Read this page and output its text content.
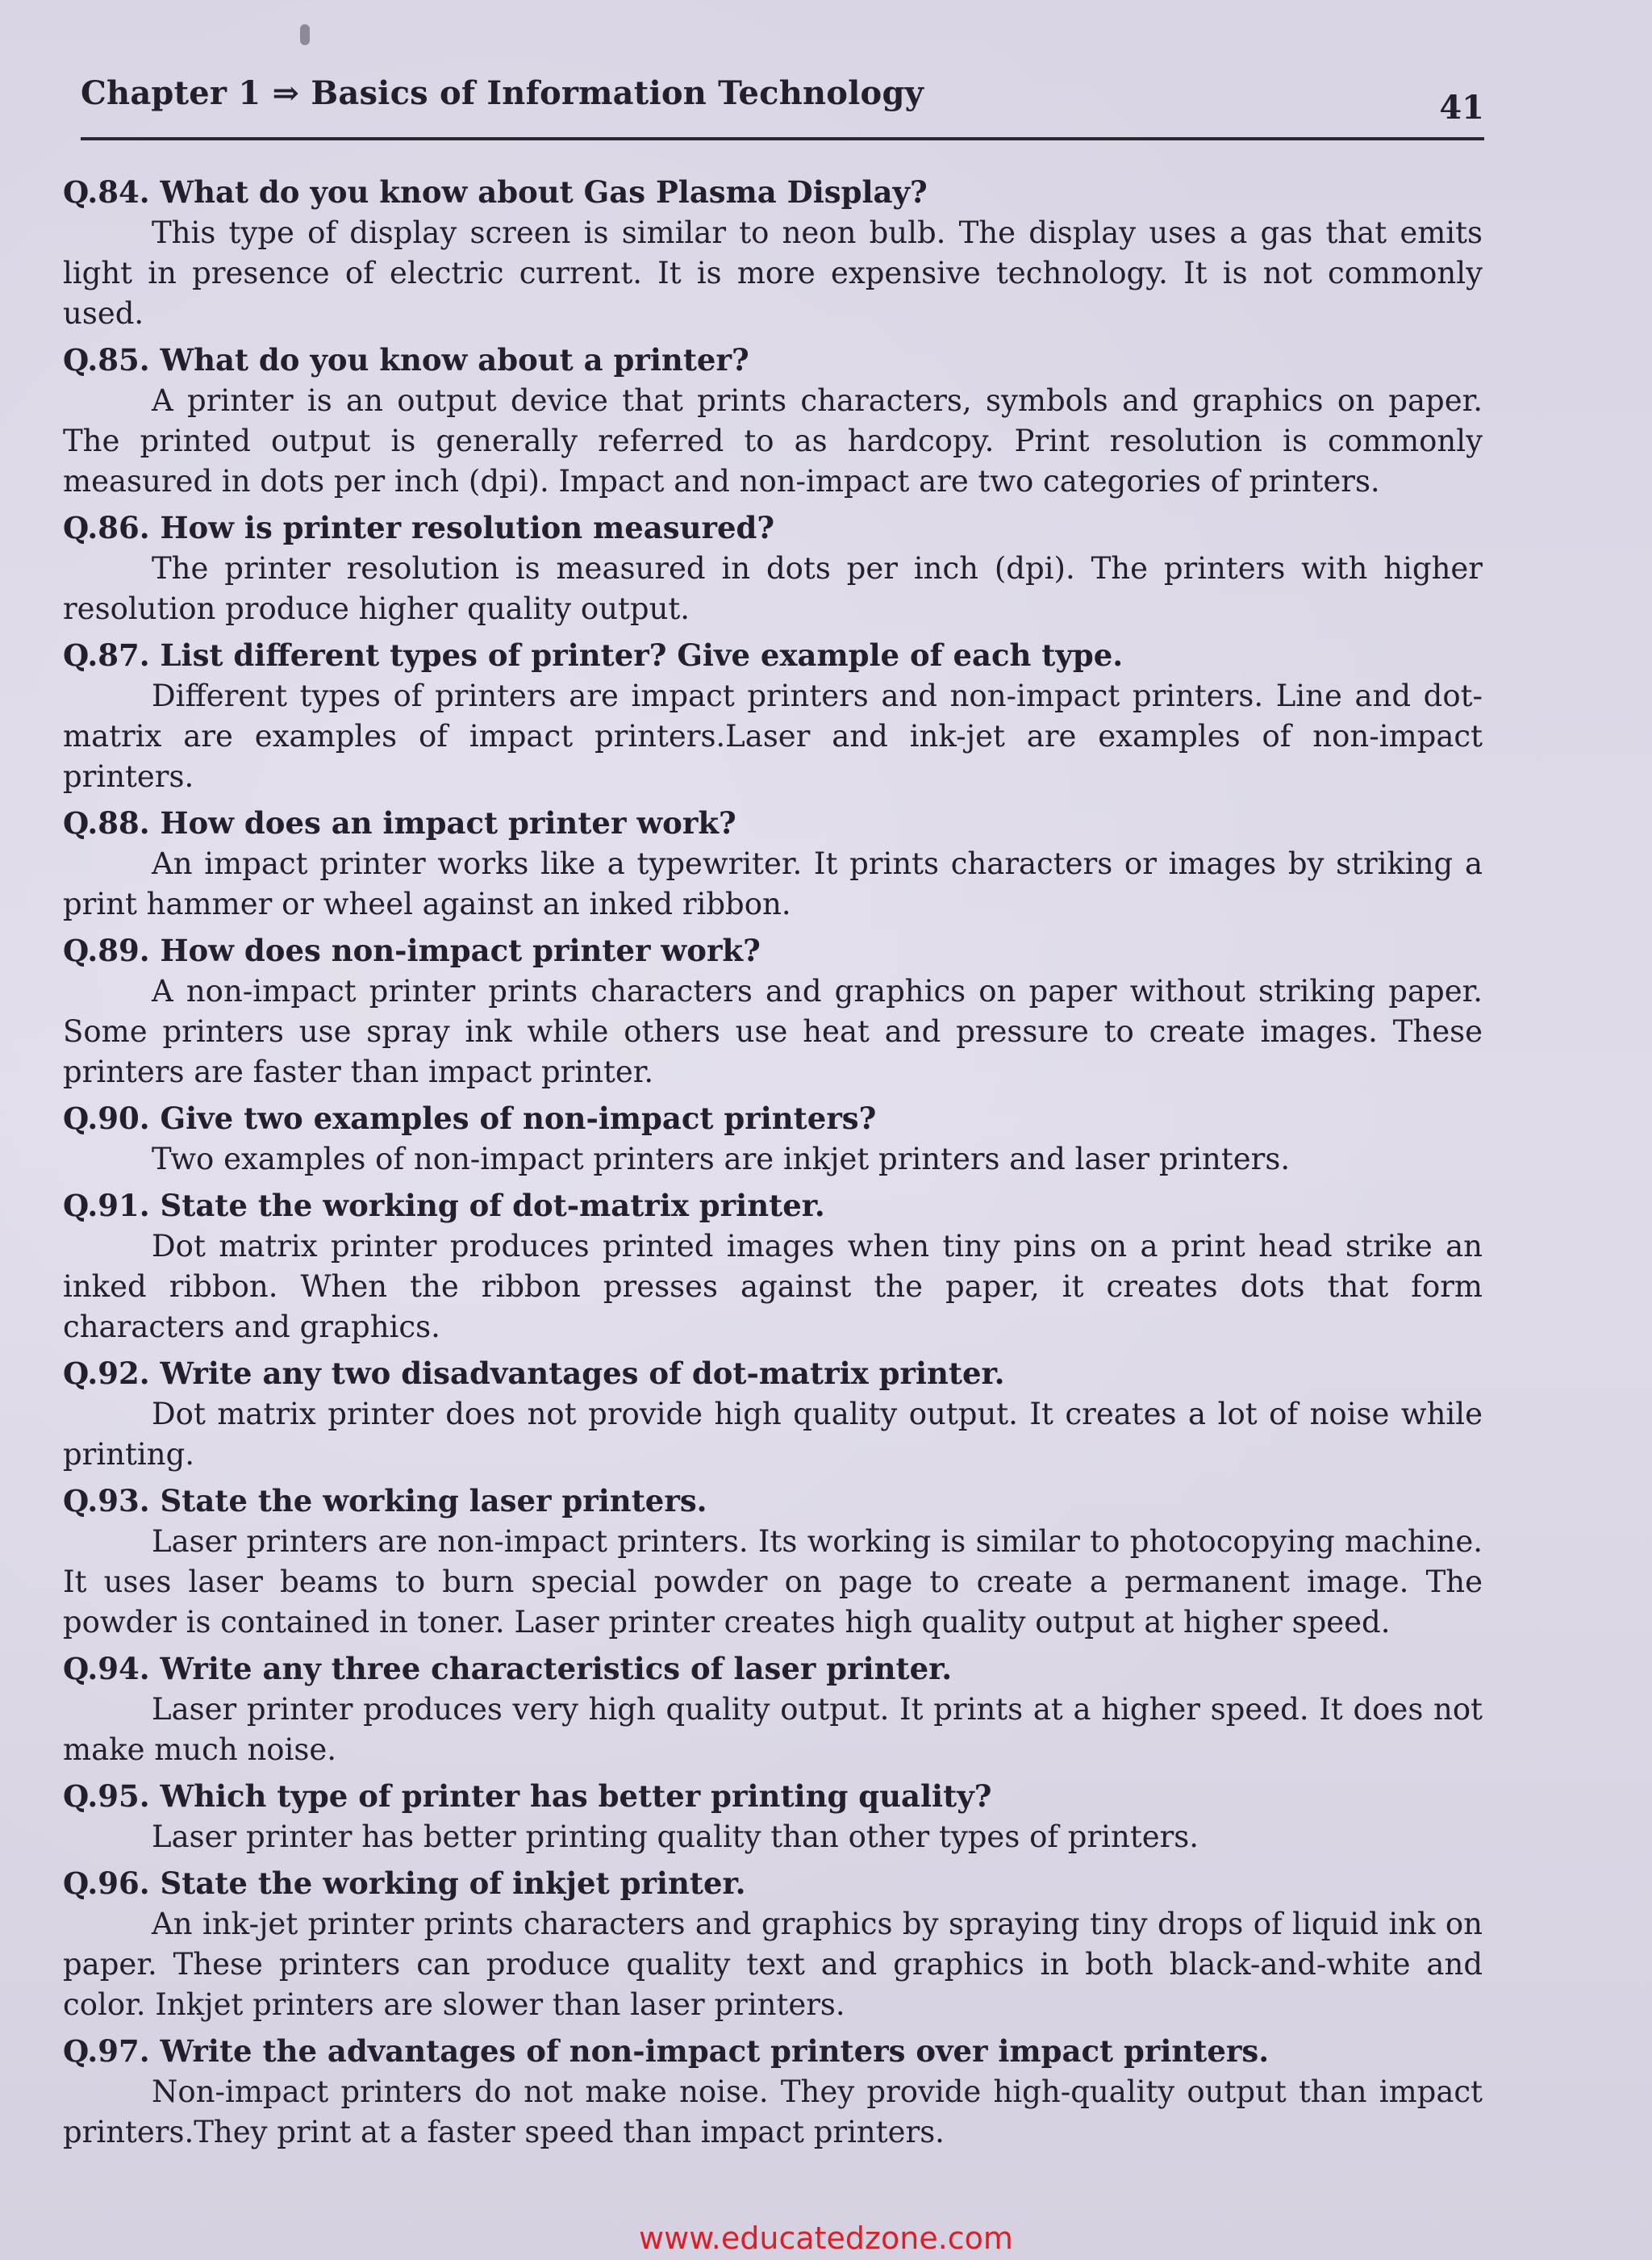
Chapter 1 ⇒ Basics of Information Technology	41

Q.84. What do you know about Gas Plasma Display?

This type of display screen is similar to neon bulb. The display uses a gas that emits light in presence of electric current. It is more expensive technology. It is not commonly used.

Q.85. What do you know about a printer?

A printer is an output device that prints characters, symbols and graphics on paper. The printed output is generally referred to as hardcopy. Print resolution is commonly measured in dots per inch (dpi). Impact and non-impact are two categories of printers.

Q.86. How is printer resolution measured?

The printer resolution is measured in dots per inch (dpi). The printers with higher resolution produce higher quality output.

Q.87. List different types of printer? Give example of each type.

Different types of printers are impact printers and non-impact printers. Line and dot-matrix are examples of impact printers.Laser and ink-jet are examples of non-impact printers.

Q.88. How does an impact printer work?

An impact printer works like a typewriter. It prints characters or images by striking a print hammer or wheel against an inked ribbon.

Q.89. How does non-impact printer work?

A non-impact printer prints characters and graphics on paper without striking paper. Some printers use spray ink while others use heat and pressure to create images. These printers are faster than impact printer.

Q.90. Give two examples of non-impact printers?

Two examples of non-impact printers are inkjet printers and laser printers.

Q.91. State the working of dot-matrix printer.

Dot matrix printer produces printed images when tiny pins on a print head strike an inked ribbon. When the ribbon presses against the paper, it creates dots that form characters and graphics.

Q.92. Write any two disadvantages of dot-matrix printer.

Dot matrix printer does not provide high quality output. It creates a lot of noise while printing.

Q.93. State the working laser printers.

Laser printers are non-impact printers. Its working is similar to photocopying machine. It uses laser beams to burn special powder on page to create a permanent image. The powder is contained in toner. Laser printer creates high quality output at higher speed.

Q.94. Write any three characteristics of laser printer.

Laser printer produces very high quality output. It prints at a higher speed. It does not make much noise.

Q.95. Which type of printer has better printing quality?

Laser printer has better printing quality than other types of printers.

Q.96. State the working of inkjet printer.

An ink-jet printer prints characters and graphics by spraying tiny drops of liquid ink on paper. These printers can produce quality text and graphics in both black-and-white and color. Inkjet printers are slower than laser printers.

Q.97. Write the advantages of non-impact printers over impact printers.

Non-impact printers do not make noise. They provide high-quality output than impact printers.They print at a faster speed than impact printers.

www.educatedzone.com
